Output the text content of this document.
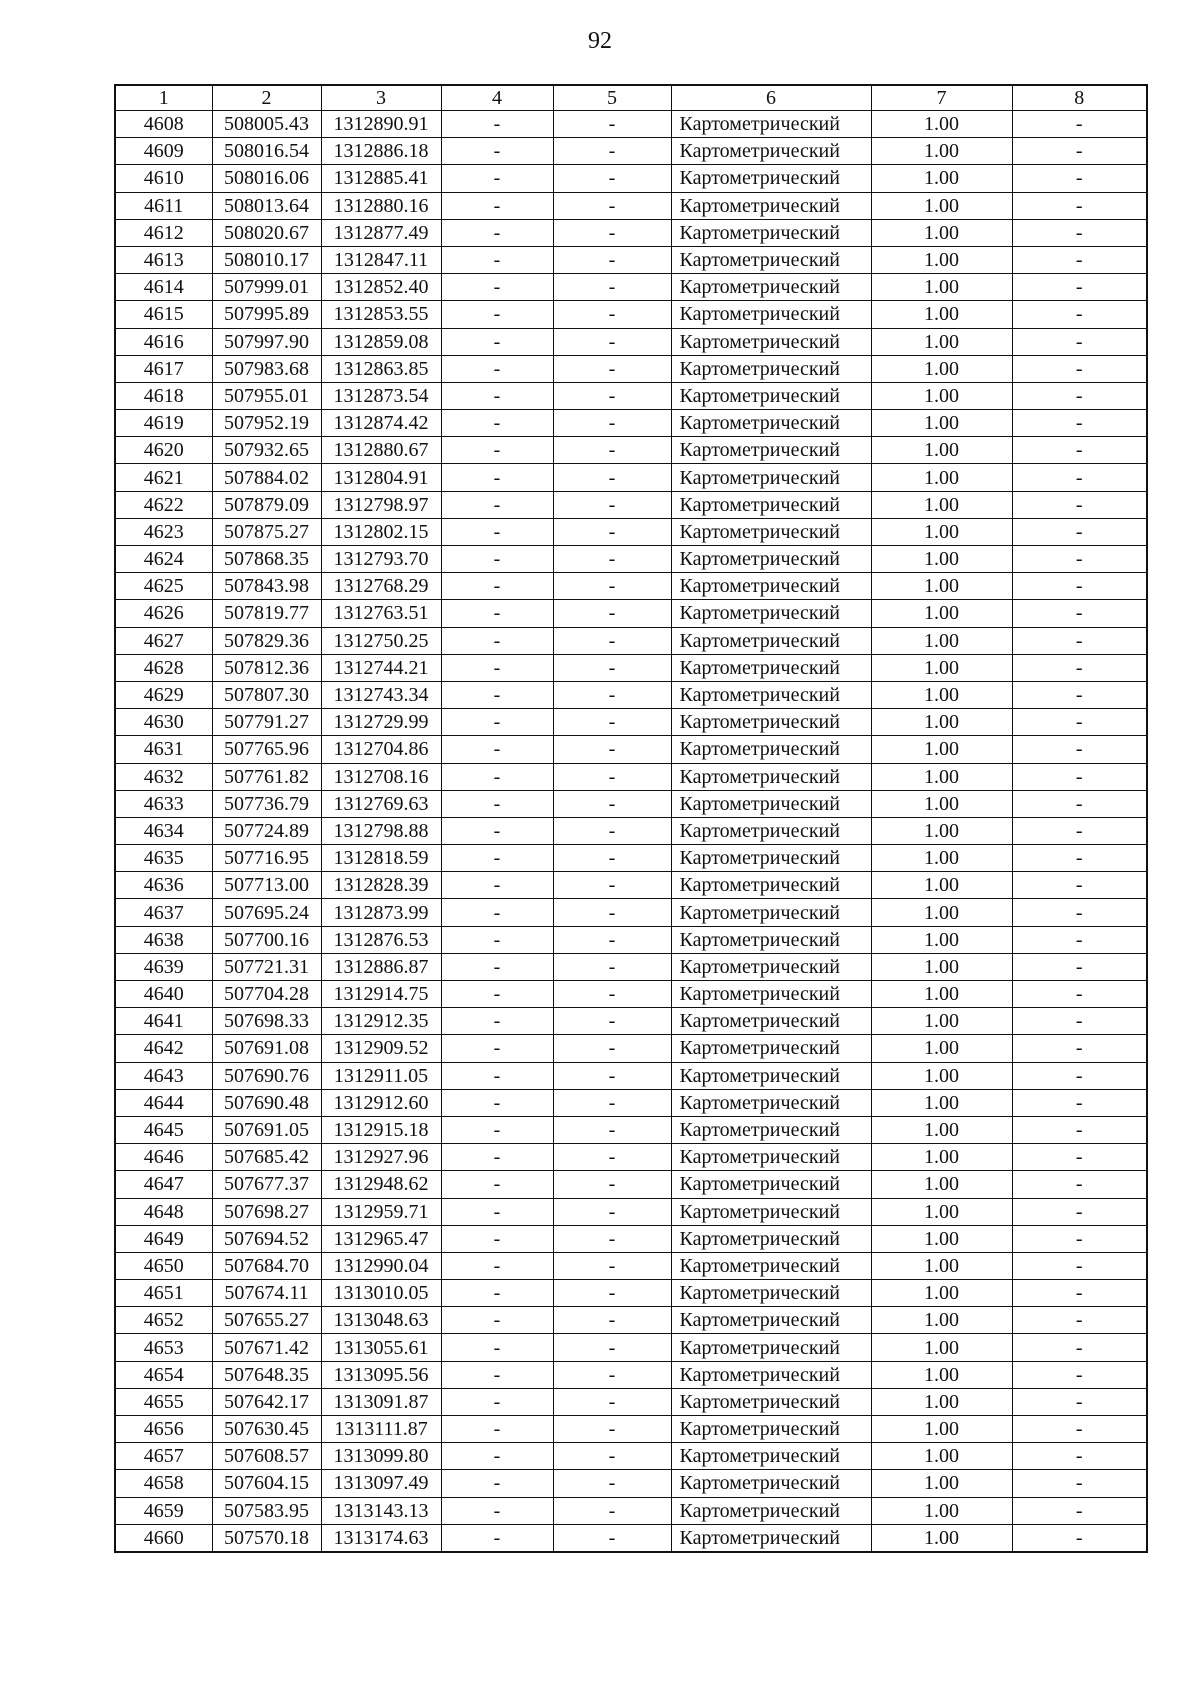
92
1	2	3	4	5	6	7	8
4608	508005.43	1312890.91	-	-	Картометрический	1.00	-
4609	508016.54	1312886.18	-	-	Картометрический	1.00	-
4610	508016.06	1312885.41	-	-	Картометрический	1.00	-
4611	508013.64	1312880.16	-	-	Картометрический	1.00	-
4612	508020.67	1312877.49	-	-	Картометрический	1.00	-
4613	508010.17	1312847.11	-	-	Картометрический	1.00	-
4614	507999.01	1312852.40	-	-	Картометрический	1.00	-
4615	507995.89	1312853.55	-	-	Картометрический	1.00	-
4616	507997.90	1312859.08	-	-	Картометрический	1.00	-
4617	507983.68	1312863.85	-	-	Картометрический	1.00	-
4618	507955.01	1312873.54	-	-	Картометрический	1.00	-
4619	507952.19	1312874.42	-	-	Картометрический	1.00	-
4620	507932.65	1312880.67	-	-	Картометрический	1.00	-
4621	507884.02	1312804.91	-	-	Картометрический	1.00	-
4622	507879.09	1312798.97	-	-	Картометрический	1.00	-
4623	507875.27	1312802.15	-	-	Картометрический	1.00	-
4624	507868.35	1312793.70	-	-	Картометрический	1.00	-
4625	507843.98	1312768.29	-	-	Картометрический	1.00	-
4626	507819.77	1312763.51	-	-	Картометрический	1.00	-
4627	507829.36	1312750.25	-	-	Картометрический	1.00	-
4628	507812.36	1312744.21	-	-	Картометрический	1.00	-
4629	507807.30	1312743.34	-	-	Картометрический	1.00	-
4630	507791.27	1312729.99	-	-	Картометрический	1.00	-
4631	507765.96	1312704.86	-	-	Картометрический	1.00	-
4632	507761.82	1312708.16	-	-	Картометрический	1.00	-
4633	507736.79	1312769.63	-	-	Картометрический	1.00	-
4634	507724.89	1312798.88	-	-	Картометрический	1.00	-
4635	507716.95	1312818.59	-	-	Картометрический	1.00	-
4636	507713.00	1312828.39	-	-	Картометрический	1.00	-
4637	507695.24	1312873.99	-	-	Картометрический	1.00	-
4638	507700.16	1312876.53	-	-	Картометрический	1.00	-
4639	507721.31	1312886.87	-	-	Картометрический	1.00	-
4640	507704.28	1312914.75	-	-	Картометрический	1.00	-
4641	507698.33	1312912.35	-	-	Картометрический	1.00	-
4642	507691.08	1312909.52	-	-	Картометрический	1.00	-
4643	507690.76	1312911.05	-	-	Картометрический	1.00	-
4644	507690.48	1312912.60	-	-	Картометрический	1.00	-
4645	507691.05	1312915.18	-	-	Картометрический	1.00	-
4646	507685.42	1312927.96	-	-	Картометрический	1.00	-
4647	507677.37	1312948.62	-	-	Картометрический	1.00	-
4648	507698.27	1312959.71	-	-	Картометрический	1.00	-
4649	507694.52	1312965.47	-	-	Картометрический	1.00	-
4650	507684.70	1312990.04	-	-	Картометрический	1.00	-
4651	507674.11	1313010.05	-	-	Картометрический	1.00	-
4652	507655.27	1313048.63	-	-	Картометрический	1.00	-
4653	507671.42	1313055.61	-	-	Картометрический	1.00	-
4654	507648.35	1313095.56	-	-	Картометрический	1.00	-
4655	507642.17	1313091.87	-	-	Картометрический	1.00	-
4656	507630.45	1313111.87	-	-	Картометрический	1.00	-
4657	507608.57	1313099.80	-	-	Картометрический	1.00	-
4658	507604.15	1313097.49	-	-	Картометрический	1.00	-
4659	507583.95	1313143.13	-	-	Картометрический	1.00	-
4660	507570.18	1313174.63	-	-	Картометрический	1.00	-
